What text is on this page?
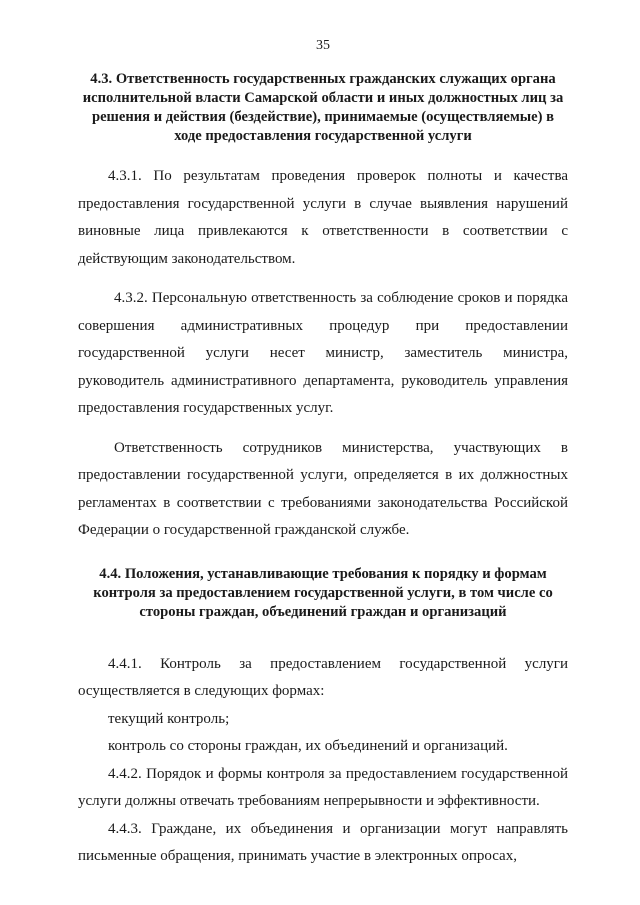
35
4.3. Ответственность государственных гражданских служащих органа исполнительной власти Самарской области и иных должностных лиц за решения и действия (бездействие), принимаемые (осуществляемые) в ходе предоставления государственной услуги

4.3.1. По результатам проведения проверок полноты и качества предоставления государственной услуги в случае выявления нарушений виновные лица привлекаются к ответственности в соответствии с действующим законодательством.

4.3.2. Персональную ответственность за соблюдение сроков и порядка совершения административных процедур при предоставлении государственной услуги несет министр, заместитель министра, руководитель административного департамента, руководитель управления предоставления государственных услуг.

Ответственность сотрудников министерства, участвующих в предоставлении государственной услуги, определяется в их должностных регламентах в соответствии с требованиями законодательства Российской Федерации о государственной гражданской службе.

4.4. Положения, устанавливающие требования к порядку и формам контроля за предоставлением государственной услуги, в том числе со стороны граждан, объединений граждан и организаций

4.4.1. Контроль за предоставлением государственной услуги осуществляется в следующих формах:

текущий контроль;

контроль со стороны граждан, их объединений и организаций.

4.4.2. Порядок и формы контроля за предоставлением государственной услуги должны отвечать требованиям непрерывности и эффективности.

4.4.3. Граждане, их объединения и организации могут направлять письменные обращения, принимать участие в электронных опросах,
